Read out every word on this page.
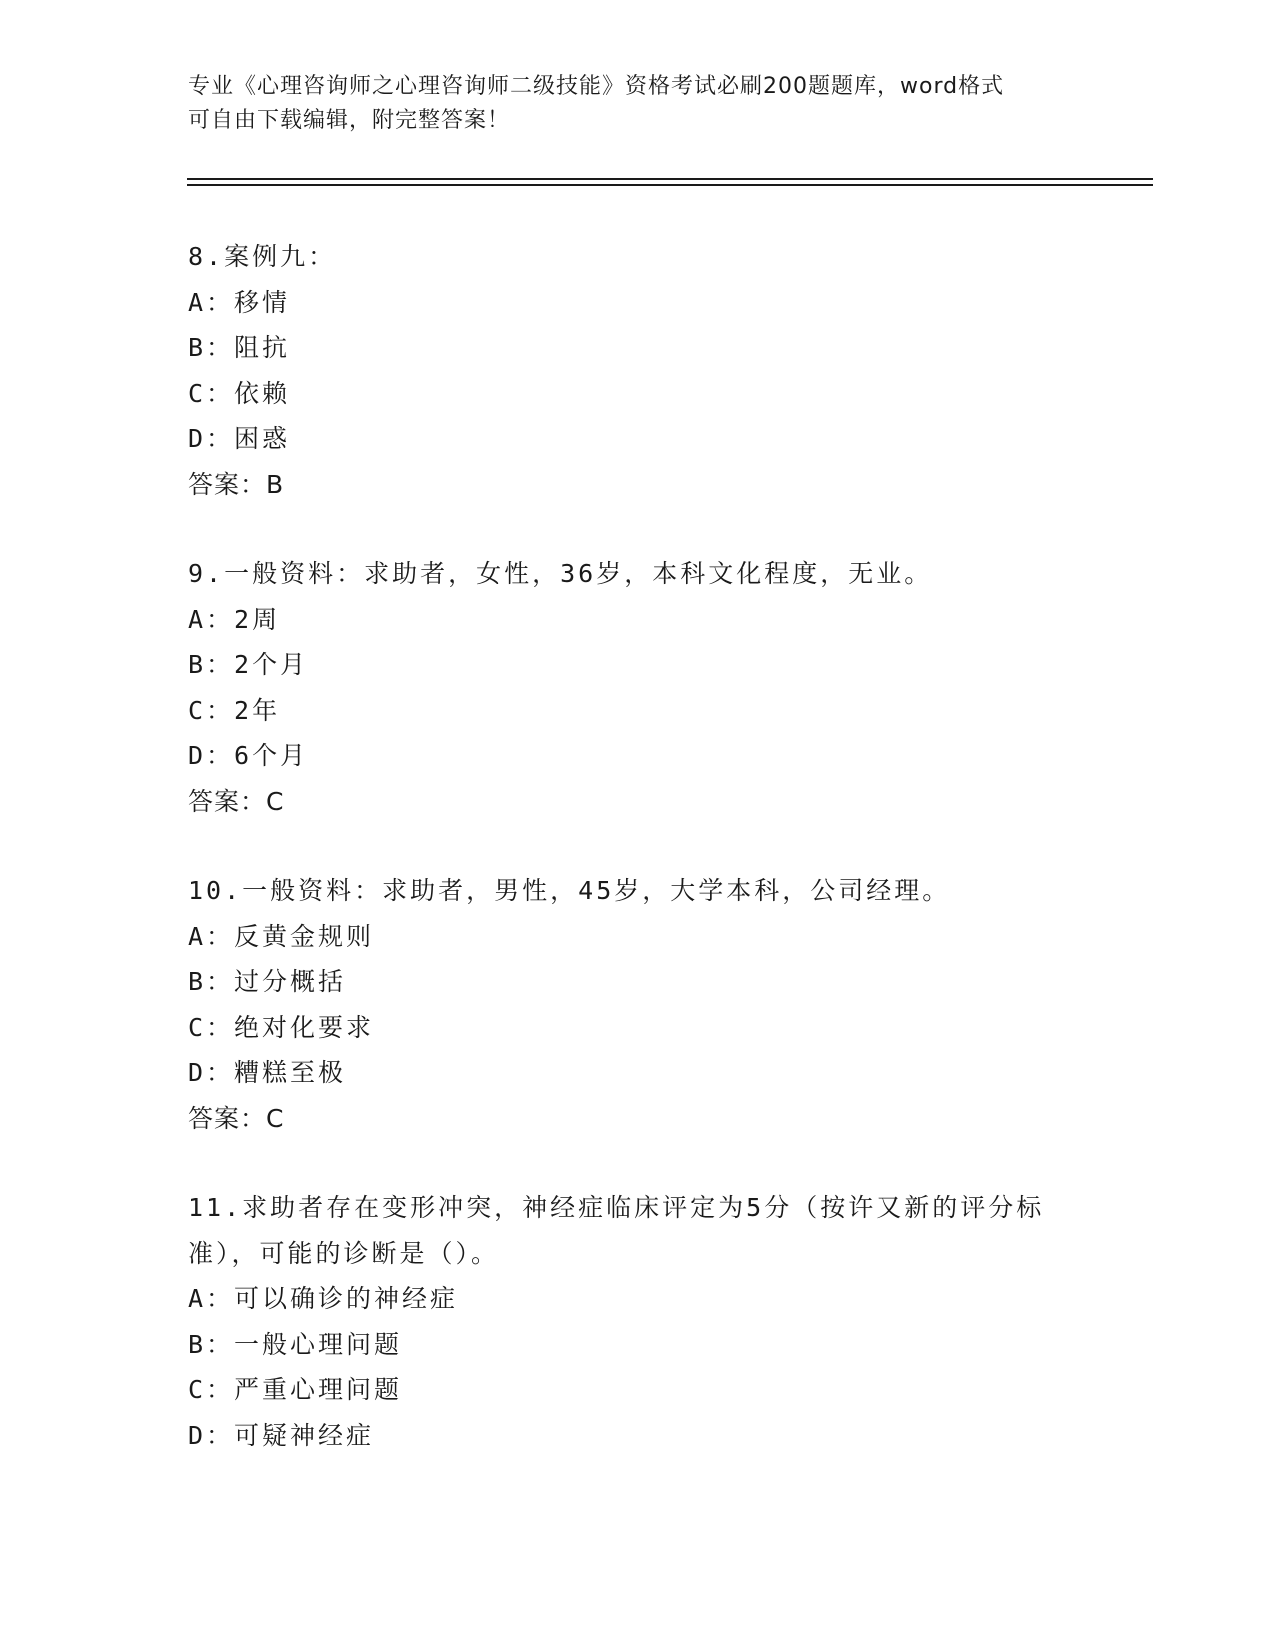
专业《心理咨询师之心理咨询师二级技能》资格考试必刷200题题库，word格式
可自由下载编辑，附完整答案！
8.案例九：
A：移情
B：阻抗
C：依赖
D：困惑
答案：B
9.一般资料：求助者，女性，36岁，本科文化程度，无业。
A：2周
B：2个月
C：2年
D：6个月
答案：C
10.一般资料：求助者，男性，45岁，大学本科，公司经理。
A：反黄金规则
B：过分概括
C：绝对化要求
D：糟糕至极
答案：C
11.求助者存在变形冲突，神经症临床评定为5分（按许又新的评分标准），可能的诊断是（）。
A：可以确诊的神经症
B：一般心理问题
C：严重心理问题
D：可疑神经症
